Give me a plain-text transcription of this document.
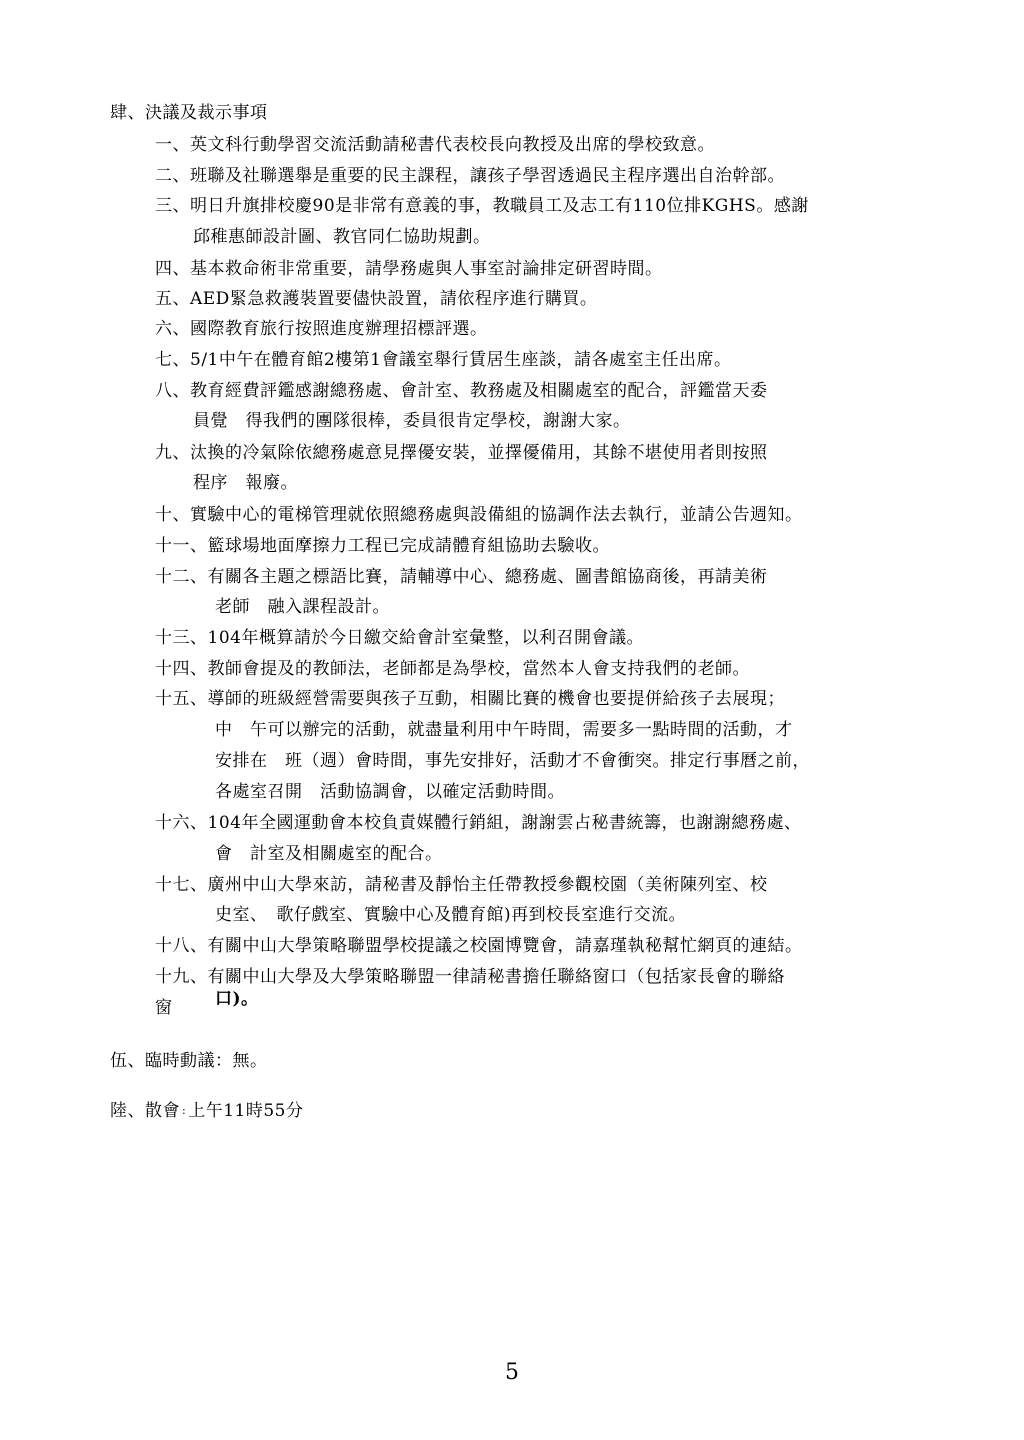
肆、決議及裁示事項
一、英文科行動學習交流活動請秘書代表校長向教授及出席的學校致意。
二、班聯及社聯選舉是重要的民主課程，讓孩子學習透過民主程序選出自治幹部。
三、明日升旗排校慶90是非常有意義的事，教職員工及志工有110位排KGHS。感謝
邱稚惠師設計圖、教官同仁協助規劃。
四、基本救命術非常重要，請學務處與人事室討論排定研習時間。
五、AED緊急救護裝置要儘快設置，請依程序進行購買。
六、國際教育旅行按照進度辦理招標評選。
七、5/1中午在體育館2樓第1會議室舉行賃居生座談，請各處室主任出席。
八、教育經費評鑑感謝總務處、會計室、教務處及相關處室的配合，評鑑當天委
員覺　得我們的團隊很棒，委員很肯定學校，謝謝大家。
九、汰換的冷氣除依總務處意見擇優安裝，並擇優備用，其餘不堪使用者則按照
程序　報廢。
十、實驗中心的電梯管理就依照總務處與設備組的協調作法去執行，並請公告週知。
十一、籃球場地面摩擦力工程已完成請體育組協助去驗收。
十二、有關各主題之標語比賽，請輔導中心、總務處、圖書館協商後，再請美術
老師　融入課程設計。
十三、104年概算請於今日繳交給會計室彙整，以利召開會議。
十四、教師會提及的教師法，老師都是為學校，當然本人會支持我們的老師。
十五、導師的班級經營需要與孩子互動，相關比賽的機會也要提併給孩子去展現；
中　午可以辦完的活動，就盡量利用中午時間，需要多一點時間的活動，才
安排在　班（週）會時間，事先安排好，活動才不會衝突。排定行事曆之前，
各處室召開　活動協調會，以確定活動時間。
十六、104年全國運動會本校負責媒體行銷組，謝謝雲占秘書統籌，也謝謝總務處、
會　計室及相關處室的配合。
十七、廣州中山大學來訪，請秘書及靜怡主任帶教授參觀校園（美術陳列室、校
史室、　歌仔戲室、實驗中心及體育館)再到校長室進行交流。
十八、有關中山大學策略聯盟學校提議之校園博覽會，請嘉瑾執秘幫忙網頁的連結。
十九、有關中山大學及大學策略聯盟一律請秘書擔任聯絡窗口（包括家長會的聯絡
窗	口)。
伍、臨時動議：無。
陸、散會 : 上午11時55分
5
